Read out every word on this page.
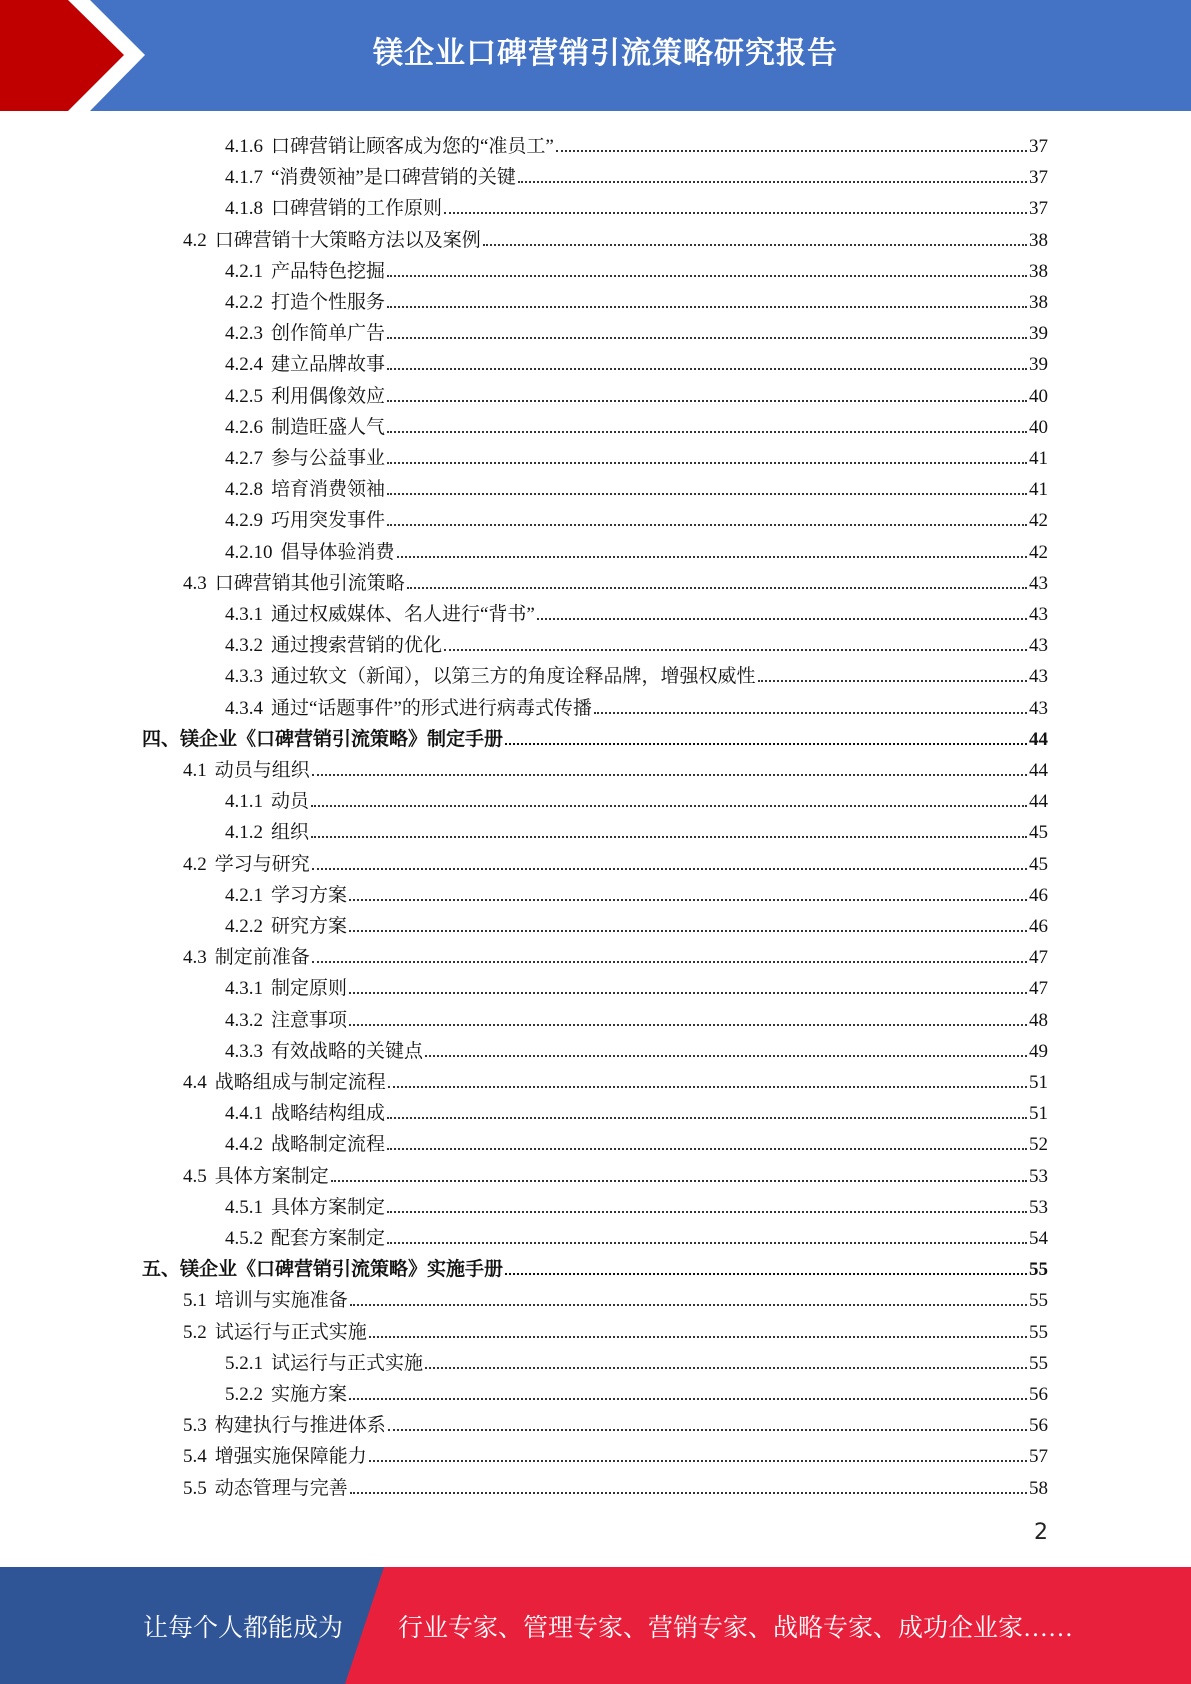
镁企业口碑营销引流策略研究报告
4.1.6 口碑营销让顾客成为您的“准员工”	37
4.1.7 “消费领袖”是口碑营销的关键	37
4.1.8 口碑营销的工作原则	37
4.2 口碑营销十大策略方法以及案例	38
4.2.1 产品特色挖掘	38
4.2.2 打造个性服务	38
4.2.3 创作简单广告	39
4.2.4 建立品牌故事	39
4.2.5 利用偶像效应	40
4.2.6 制造旺盛人气	40
4.2.7 参与公益事业	41
4.2.8 培育消费领袖	41
4.2.9 巧用突发事件	42
4.2.10 倡导体验消费	42
4.3 口碑营销其他引流策略	43
4.3.1 通过权威媒体、名人进行“背书”	43
4.3.2 通过搜索营销的优化	43
4.3.3 通过软文（新闻），以第三方的角度诠释品牌，增强权威性	43
4.3.4 通过“话题事件”的形式进行病毒式传播	43
四、镁企业《口碑营销引流策略》制定手册	44
4.1 动员与组织	44
4.1.1 动员	44
4.1.2 组织	45
4.2 学习与研究	45
4.2.1 学习方案	46
4.2.2 研究方案	46
4.3 制定前准备	47
4.3.1 制定原则	47
4.3.2 注意事项	48
4.3.3 有效战略的关键点	49
4.4 战略组成与制定流程	51
4.4.1 战略结构组成	51
4.4.2 战略制定流程	52
4.5 具体方案制定	53
4.5.1 具体方案制定	53
4.5.2 配套方案制定	54
五、镁企业《口碑营销引流策略》实施手册	55
5.1 培训与实施准备	55
5.2 试运行与正式实施	55
5.2.1 试运行与正式实施	55
5.2.2 实施方案	56
5.3 构建执行与推进体系	56
5.4 增强实施保障能力	57
5.5 动态管理与完善	58
2
让每个人都能成为 行业专家、管理专家、营销专家、战略专家、成功企业家……
